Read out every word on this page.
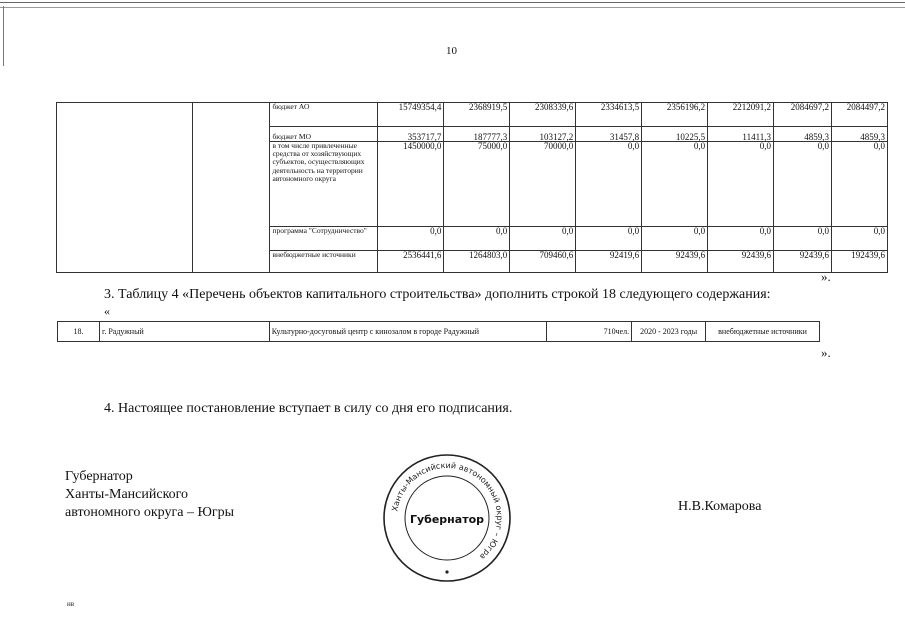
10
		бюджет АО	15749354,4	2368919,5	2308339,6	2334613,5	2356196,2	2212091,2	2084697,2	2084497,2
		бюджет МО	353717,7	187777,3	103127,2	31457,8	10225,5	11411,3	4859,3	4859,3
		в том числе привлеченные средства от хозяйствующих субъектов, осуществляющих деятельность на территории автономного округа	1450000,0	75000,0	70000,0	0,0	0,0	0,0	0,0	0,0
		программа "Сотрудничество"	0,0	0,0	0,0	0,0	0,0	0,0	0,0	0,0
		внебюджетные источники	2536441,6	1264803,0	709460,6	92419,6	92439,6	92439,6	92439,6	192439,6
».
3. Таблицу 4 «Перечень объектов капитального строительства» дополнить строкой 18 следующего содержания:
«
18.	г. Радужный	Культурно-досуговый центр с кинозалом в городе Радужный	710чел.	2020 - 2023 годы	внебюджетные источники
».
4. Настоящее постановление вступает в силу со дня его подписания.
Губернатор
Ханты-Мансийского
автономного округа – Югры	Ханты-Мансийский автономный округ – Югра
Губернатор
Н.В.Комарова
нв
